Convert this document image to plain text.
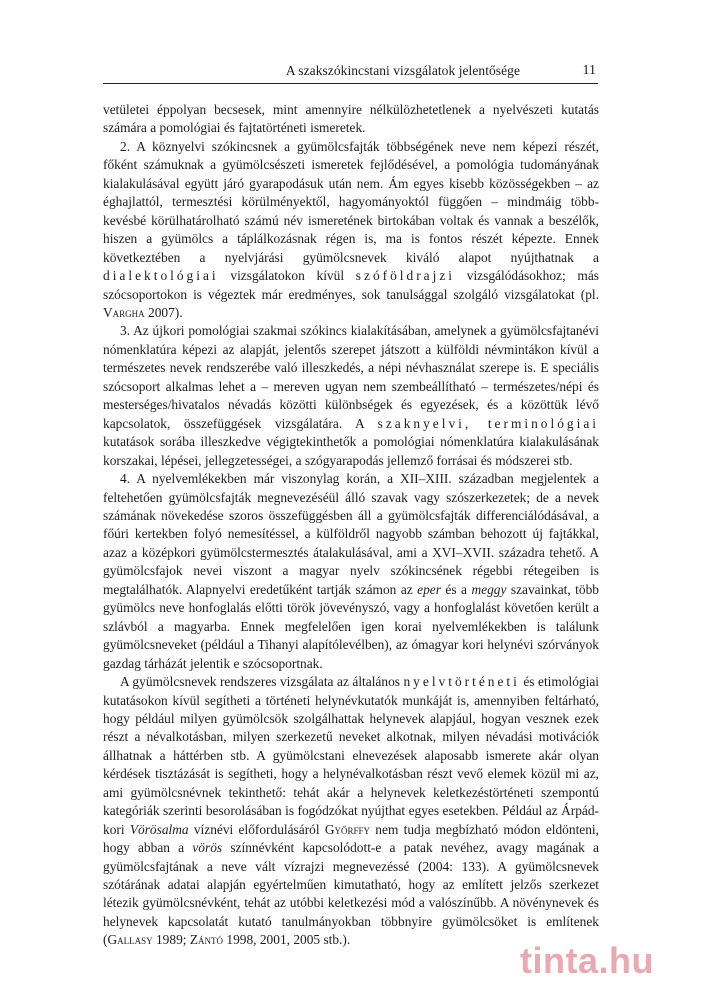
A szakszókincstani vizsgálatok jelentősége	11

vetületei éppolyan becsesek, mint amennyire nélkülözhetetlenek a nyelvészeti kutatás számára a pomológiai és fajtatörténeti ismeretek.

2. A köznyelvi szókincsnek a gyümölcsfajták többségének neve nem képezi részét, főként számuknak a gyümölcsészeti ismeretek fejlődésével, a pomológia tudományának kialakulásával együtt járó gyarapodásuk után nem. Ám egyes kisebb közösségekben – az éghajlattól, termesztési körülményektől, hagyományoktól függően – mindmáig több-kevésbé körülhatárolható számú név ismeretének birtokában voltak és vannak a beszélők, hiszen a gyümölcs a táplálkozásnak régen is, ma is fontos részét képezte. Ennek következtében a nyelvjárási gyümölcsnevek kiváló alapot nyújthatnak a dialektológiai vizsgálatokon kívül szóföldrajzi vizsgálódásokhoz; más szócsoportokon is végeztek már eredményes, sok tanulsággal szolgáló vizsgálatokat (pl. Vargha 2007).

3. Az újkori pomológiai szakmai szókincs kialakításában, amelynek a gyümölcsfajtanévi nómenklatúra képezi az alapját, jelentős szerepet játszott a külföldi névmintákon kívül a természetes nevek rendszerébe való illeszkedés, a népi névhasználat szerepe is. E speciális szócsoport alkalmas lehet a – mereven ugyan nem szembeállítható – természetes/népi és mesterséges/hivatalos névadás közötti különbségek és egyezések, és a közöttük lévő kapcsolatok, összefüggések vizsgálatára. A szaknyelvi, terminológiai kutatások sorába illeszkedve végigtekinthetők a pomológiai nómenklatúra kialakulásának korszakai, lépései, jellegzetességei, a szógyarapodás jellemző forrásai és módszerei stb.

4. A nyelvemlékekben már viszonylag korán, a XII–XIII. században megjelentek a feltehetően gyümölcsfajták megnevezéséül álló szavak vagy szószerkezetek; de a nevek számának növekedése szoros összefüggésben áll a gyümölcsfajták differenciálódásával, a főúri kertekben folyó nemesítéssel, a külföldről nagyobb számban behozott új fajtákkal, azaz a középkori gyümölcstermesztés átalakulásával, ami a XVI–XVII. századra tehető. A gyümölcsfajok nevei viszont a magyar nyelv szókincsének régebbi rétegeiben is megtalálhatók. Alapnyelvi eredetűként tartják számon az eper és a meggy szavainkat, több gyümölcs neve honfoglalás előtti török jövevényszó, vagy a honfoglalást követően került a szlávból a magyarba. Ennek megfelelően igen korai nyelvemlékekben is találunk gyümölcsneveket (például a Tihanyi alapítólevélben), az ómagyar kori helynévi szórványok gazdag tárházát jelentik e szócsoportnak.

A gyümölcsnevek rendszeres vizsgálata az általános nyelvtörténeti és etimológiai kutatásokon kívül segítheti a történeti helynévkutatók munkáját is, amennyiben feltárható, hogy például milyen gyümölcsök szolgálhattak helynevek alapjául, hogyan vesznek ezek részt a névalkotásban, milyen szerkezetű neveket alkotnak, milyen névadási motivációk állhatnak a háttérben stb. A gyümölcstani elnevezések alaposabb ismerete akár olyan kérdések tisztázását is segítheti, hogy a helynévalkotásban részt vevő elemek közül mi az, ami gyümölcsnévnek tekinthető: tehát akár a helynevek keletkezéstörténeti szempontú kategóriák szerinti besorolásában is fogódzókat nyújthat egyes esetekben. Például az Árpád-kori Vörösalma víznévi előfordulásáról Győrffy nem tudja megbízható módon eldönteni, hogy abban a vörös színnévként kapcsolódott-e a patak nevéhez, avagy magának a gyümölcsfajtának a neve vált vízrajzi megnevezéssé (2004: 133). A gyümölcsnevek szótárának adatai alapján egyértelműen kimutatható, hogy az említett jelzős szerkezet létezik gyümölcsnévként, tehát az utóbbi keletkezési mód a valószínűbb. A növénynevek és helynevek kapcsolatát kutató tanulmányokban többnyire gyümölcsöket is említenek (Gallasy 1989; Zántó 1998, 2001, 2005 stb.).

tinta.hu
